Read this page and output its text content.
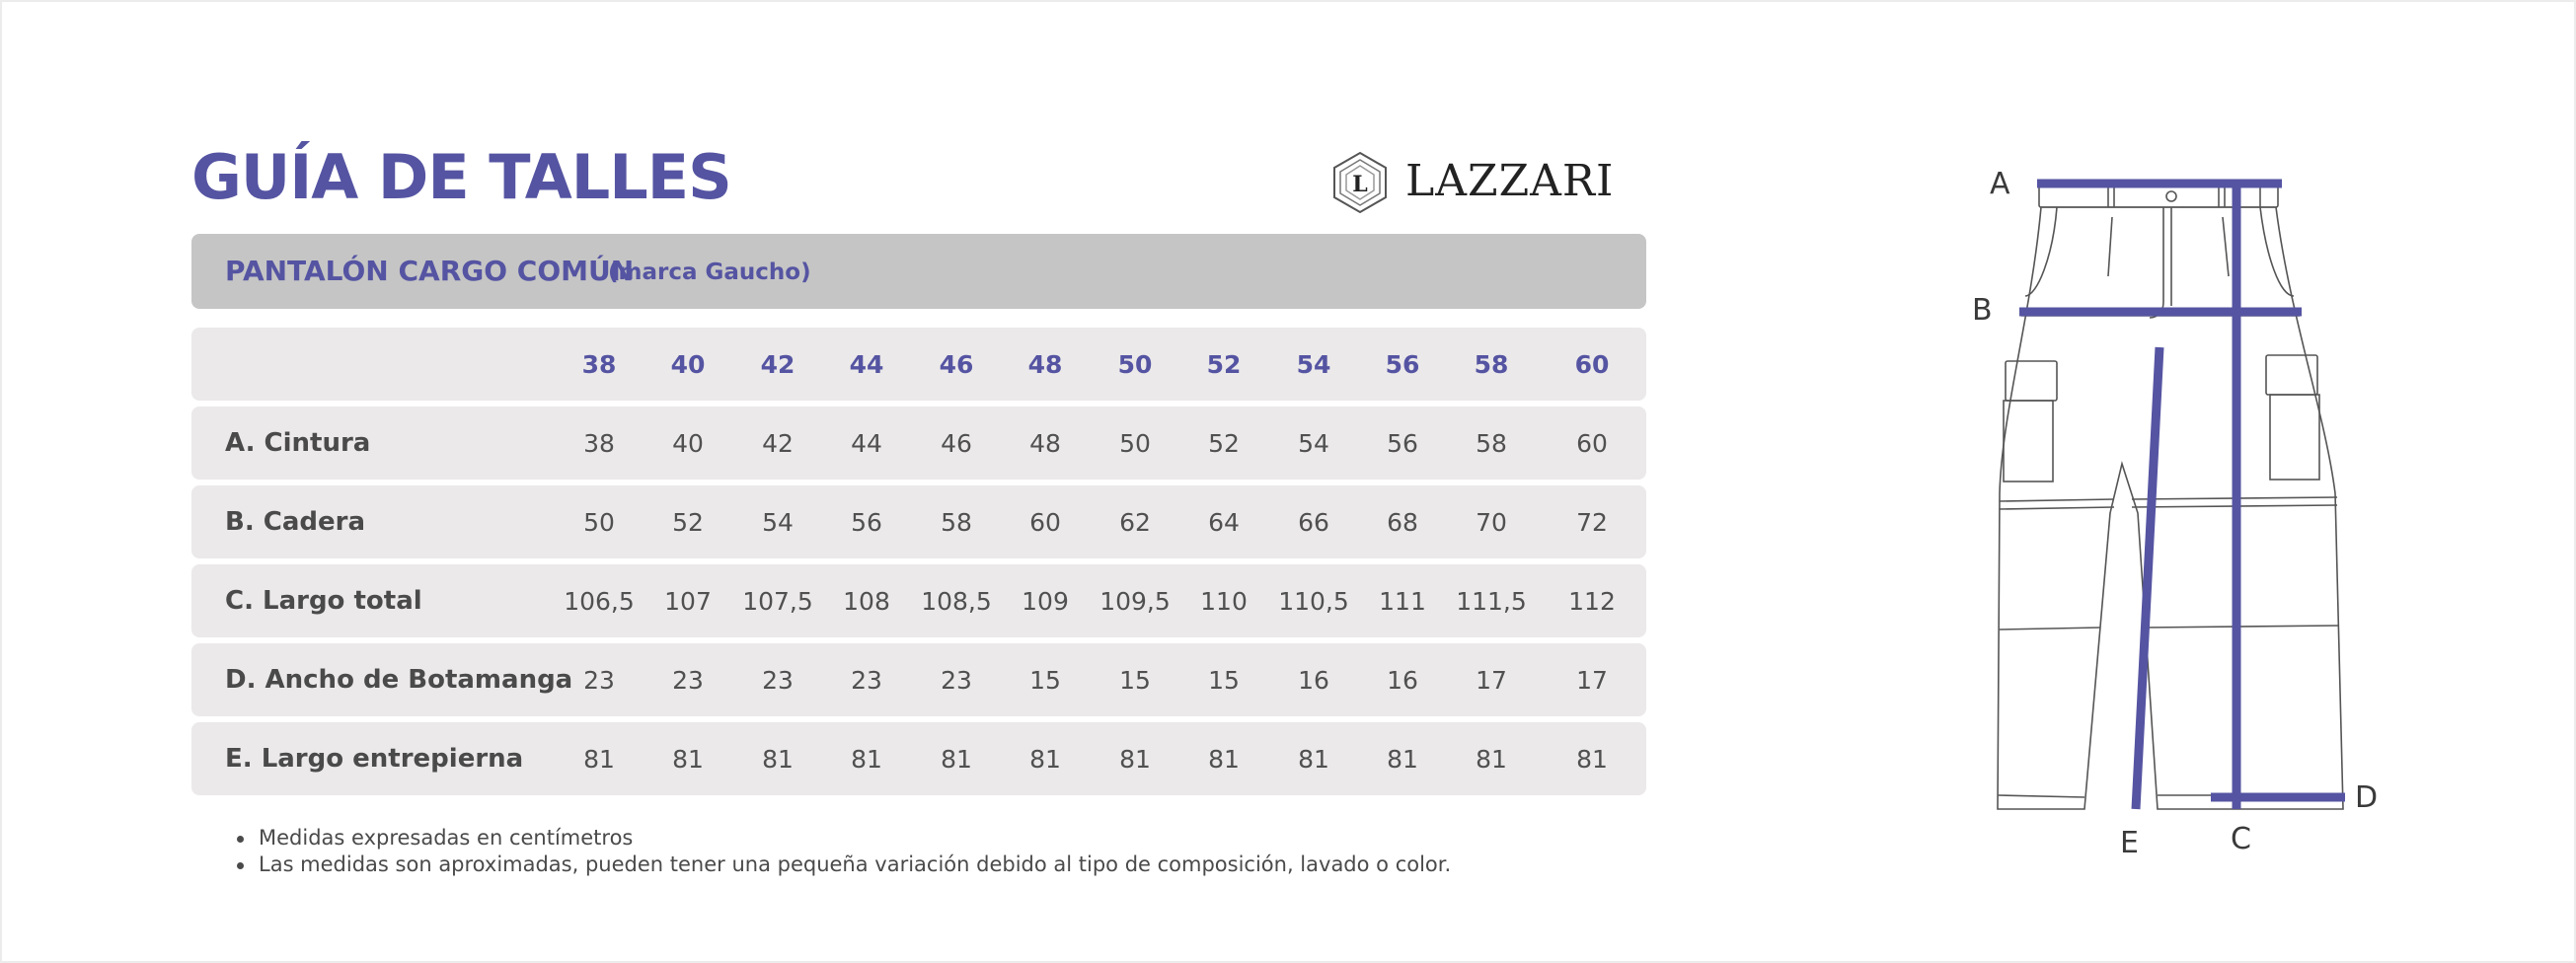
GUÍA DE TALLES	L LAZZARI
PANTALÓN CARGO COMÚN
(marca Gaucho)
	38	40	42	44	46	48	50	52	54	56	58	60
A. Cintura	38	40	42	44	46	48	50	52	54	56	58	60
B. Cadera	50	52	54	56	58	60	62	64	66	68	70	72
C. Largo total	106,5	107	107,5	108	108,5	109	109,5	110	110,5	111	111,5	112
D. Ancho de Botamanga	23	23	23	23	23	15	15	15	16	16	17	17
E. Largo entrepierna	81	81	81	81	81	81	81	81	81	81	81	81
Medidas expresadas en centímetros
Las medidas son aproximadas, pueden tener una pequeña variación debido al tipo de composición, lavado o color.
A
B
C
D
E
